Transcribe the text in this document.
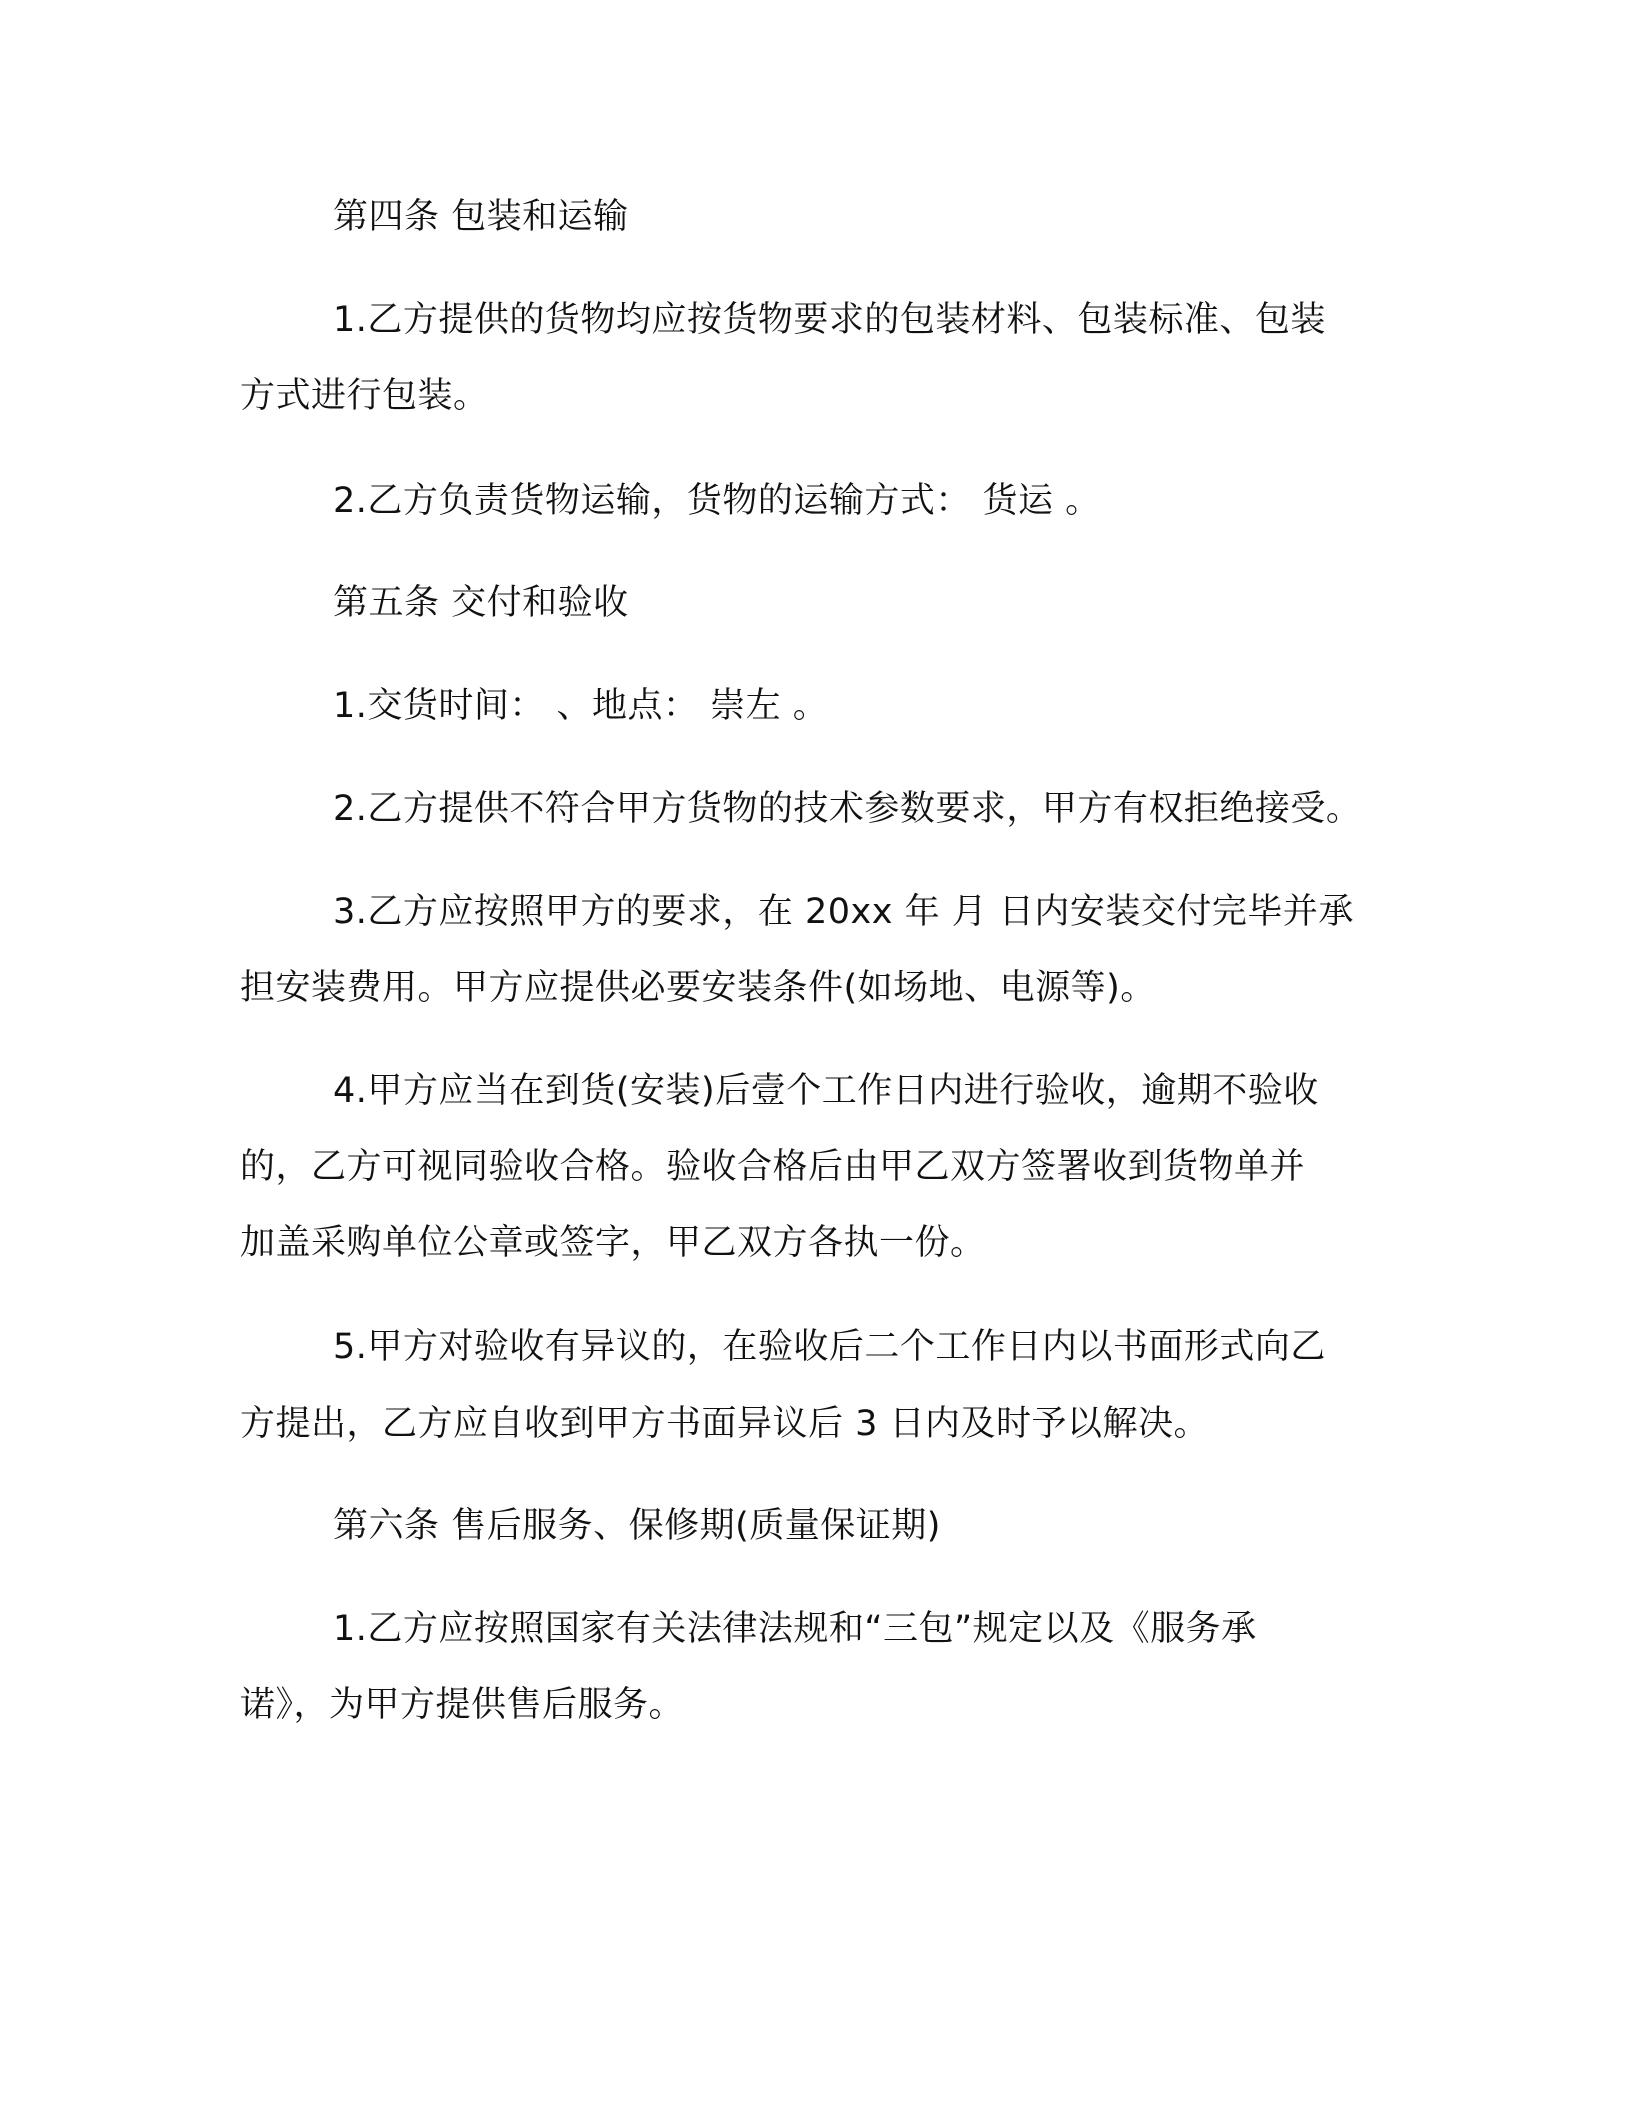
第四条 包装和运输
1.乙方提供的货物均应按货物要求的包装材料、包装标准、包装
方式进行包装。
2.乙方负责货物运输，货物的运输方式： 货运 。
第五条 交付和验收
1.交货时间： 、地点： 崇左 。
2.乙方提供不符合甲方货物的技术参数要求，甲方有权拒绝接受。
3.乙方应按照甲方的要求，在 20xx 年 月 日内安装交付完毕并承
担安装费用。甲方应提供必要安装条件(如场地、电源等)。
4.甲方应当在到货(安装)后壹个工作日内进行验收，逾期不验收
的，乙方可视同验收合格。验收合格后由甲乙双方签署收到货物单并
加盖采购单位公章或签字，甲乙双方各执一份。
5.甲方对验收有异议的，在验收后二个工作日内以书面形式向乙
方提出，乙方应自收到甲方书面异议后 3 日内及时予以解决。
第六条 售后服务、保修期(质量保证期)
1.乙方应按照国家有关法律法规和“三包”规定以及《服务承
诺》，为甲方提供售后服务。
